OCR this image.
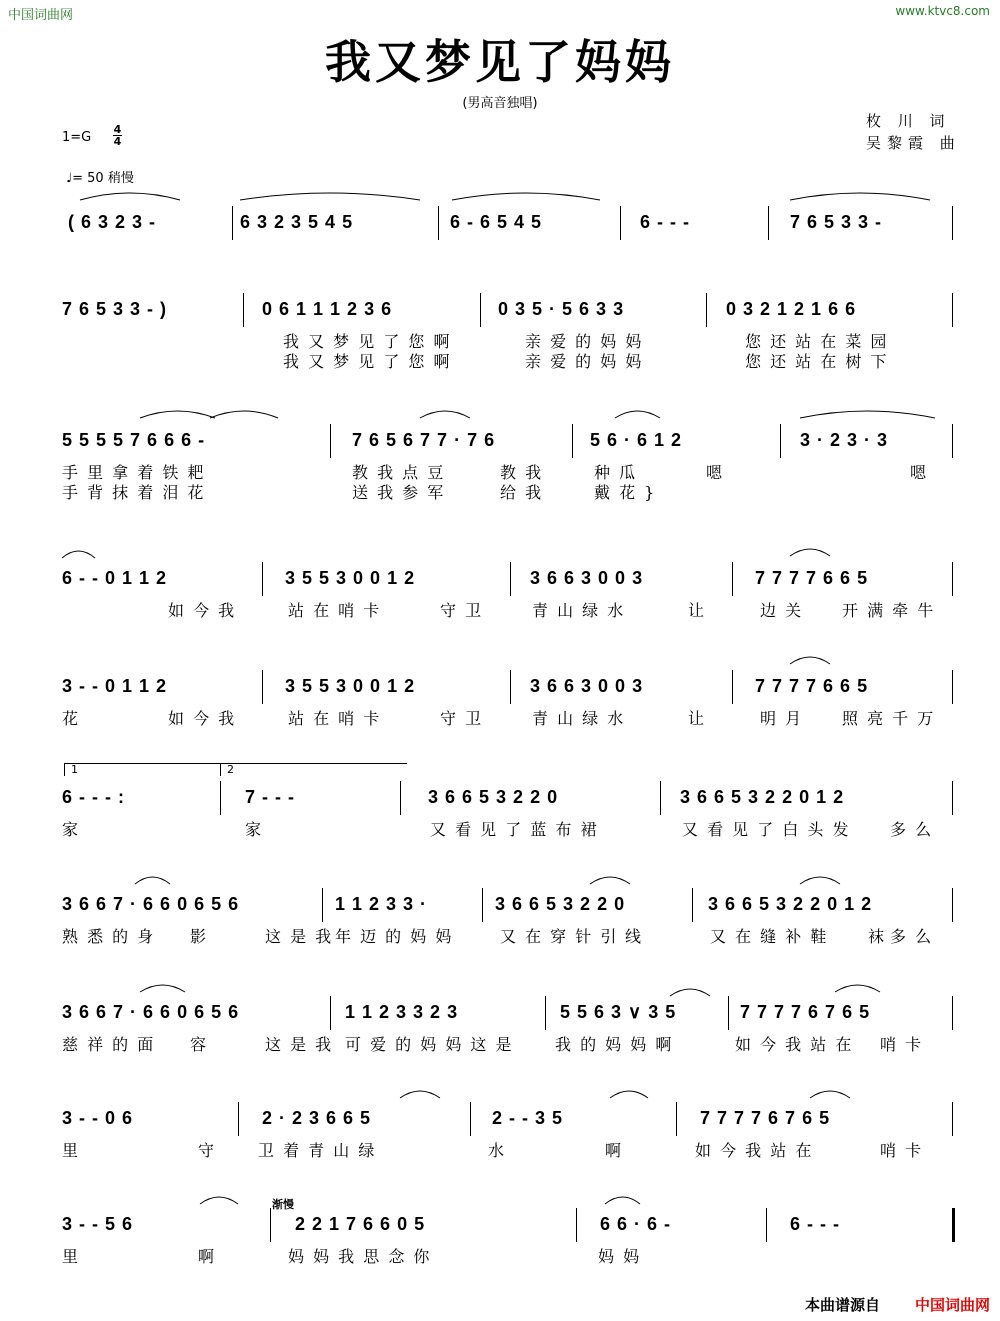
中国词曲网	www.ktvc8.com
我又梦见了妈妈
(男高音独唱)
枚 川 词
吴黎霞 曲
1=G
4
4
♩= 50 稍慢
( 6 3 2 3 -	6 3 2 3 5 4 5	6 - 6 5 4 5	6 - - -	7 6 5 3 3 -
7 6 5 3 3 - )	0 6 1 1 1 2 3 6	0 3 5 · 5 6 3 3	0 3 2 1 2 1 6 6
我 又 梦 见 了 您 啊	亲 爱 的 妈 妈	您 还 站 在 菜 园
我 又 梦 见 了 您 啊	亲 爱 的 妈 妈	您 还 站 在 树 下
5 5 5 5 7 6 6 6 -	7 6 5 6 7 7 · 7 6	5 6 · 6 1 2	3 · 2 3 · 3
手 里 拿 着 铁 耙	教 我 点 豆	教 我	种 瓜	嗯	嗯
手 背 抹 着 泪 花	送 我 参 军	给 我	戴 花 }
6 - - 0 1 1 2	3 5 5 3 0 0 1 2	3 6 6 3 0 0 3	7 7 7 7 6 6 5
如 今 我	站 在 哨 卡	守 卫	青 山 绿 水	让	边 关 开 满 牵 牛
3 - - 0 1 1 2	3 5 5 3 0 0 1 2	3 6 6 3 0 0 3	7 7 7 7 6 6 5
花	如 今 我	站 在 哨 卡	守 卫	青 山 绿 水	让	明 月 照 亮 千 万
6 - - - :	7 - - -	3 6 6 5 3 2 2 0	3 6 6 5 3 2 2 0 1 2
家	家	又 看 见 了 蓝 布 裙	又 看 见 了 白 头 发 多 么
1	2
3 6 6 7 · 6 6 0 6 5 6	1 1 2 3 3 ·	3 6 6 5 3 2 2 0	3 6 6 5 3 2 2 0 1 2
熟 悉 的 身 影	这 是 我 年 迈 的 妈 妈	又 在 穿 针 引 线	又 在 缝 补 鞋 袜 多 么
3 6 6 7 · 6 6 0 6 5 6	1 1 2 3 3 2 3	5 5 6 3 ∨ 3 5	7 7 7 7 6 7 6 5
慈 祥 的 面 容	这 是 我 可 爱 的 妈 妈 这 是	我 的 妈 妈 啊	如 今 我 站 在 哨 卡
3 - - 0 6	2 · 2 3 6 6 5	2 - - 3 5	7 7 7 7 6 7 6 5
里	守	卫 着 青 山 绿	水	啊	如 今 我 站 在	哨 卡
3 - - 5 6	2 2 1 7 6 6 0 5	6 6 · 6 -	6 - - -
里	啊	妈 妈 我 思 念 你	妈 妈
渐慢
本曲谱源自 中国词曲网
